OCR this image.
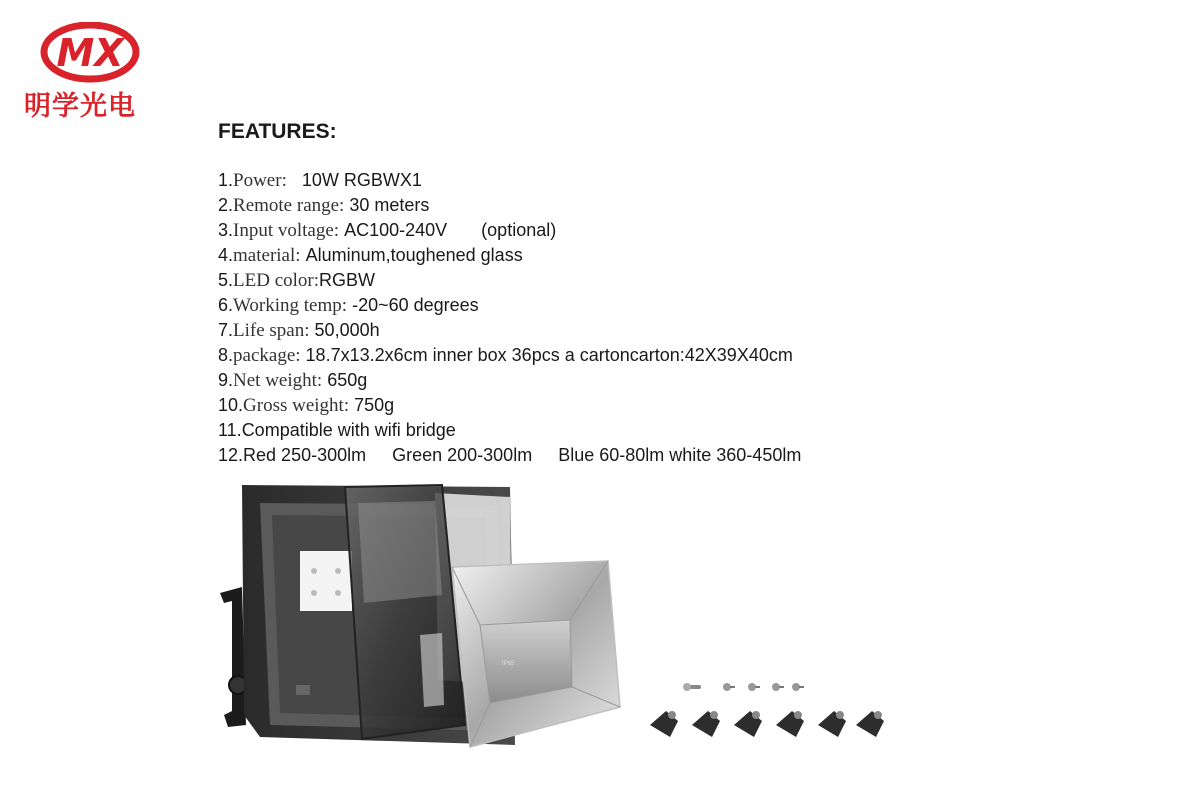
MX
明学光电
FEATURES:
1.Power: 10W RGBWX1
2.Remote range: 30 meters
3.Input voltage: AC100-240V (optional)
4.material: Aluminum,toughened glass
5.LED color:RGBW
6.Working temp: -20~60 degrees
7.Life span: 50,000h
8.package: 18.7x13.2x6cm inner box 36pcs a cartoncarton:42X39X40cm
9.Net weight: 650g
10.Gross weight: 750g
11.Compatible with wifi bridge
12.Red 250-300lm Green 200-300lm Blue 60-80lm white 360-450lm
IP65
